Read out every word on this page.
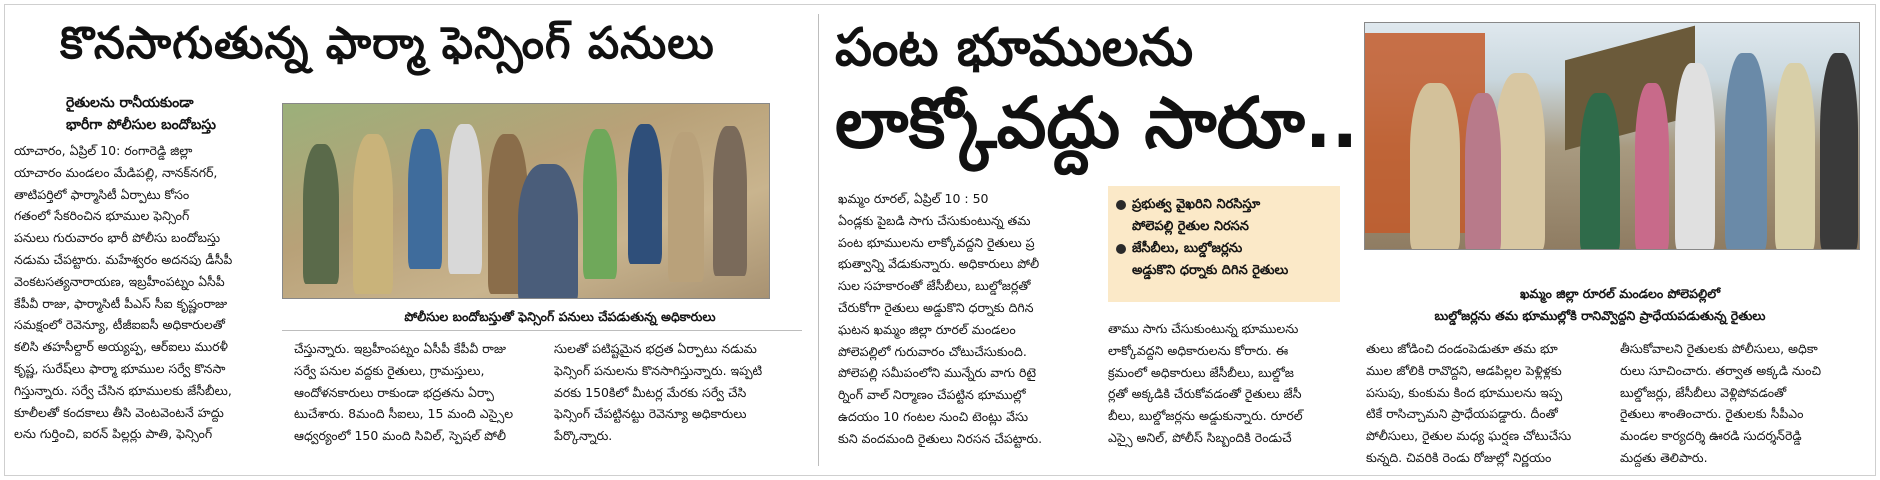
కొనసాగుతున్న ఫార్మా ఫెన్సింగ్ పనులు
రైతులను రానీయకుండా
భారీగా పోలీసుల బందోబస్తు

యాచారం, ఏప్రిల్ 10: రంగారెడ్డి జిల్లా

యాచారం మండలం మేడిపల్లి, నానక్‌నగర్,

తాటిపర్తిలో ఫార్మాసిటీ ఏర్పాటు కోసం

గతంలో సేకరించిన భూముల ఫెన్సింగ్

పనులు గురువారం భారీ పోలీసు బందోబస్తు

నడుమ చేపట్టారు. మహేశ్వరం అదనపు డీసీపీ

వెంకటసత్యనారాయణ, ఇబ్రహీంపట్నం ఏసీపీ

కేపీవీ రాజు, ఫార్మాసిటీ పీఎస్ సీఐ కృష్ణంరాజు

సమక్షంలో రెవెన్యూ, టీజీఐఐసీ అధికారులతో

కలిసి తహసీల్దార్ అయ్యప్ప, ఆర్‌ఐలు మురళీ

కృష్ణ, సురేష్‌లు ఫార్మా భూముల సర్వే కొనసా

గిస్తున్నారు. సర్వే చేసిన భూములకు జేసీబీలు,

కూలీలతో కందకాలు తీసి వెంటవెంటనే హద్దు

లను గుర్తించి, ఐరన్ పిల్లర్లు పాతి, ఫెన్సింగ్

పోలీసుల బందోబస్తుతో ఫెన్సింగ్ పనులు చేపడుతున్న అధికారులు

చేస్తున్నారు. ఇబ్రహీంపట్నం ఏసీపీ కేపీవీ రాజు

సర్వే పనుల వద్దకు రైతులు, గ్రామస్తులు,

ఆందోళనకారులు రాకుండా భద్రతను ఏర్పా

టుచేశారు. 8మంది సీఐలు, 15 మంది ఎస్సైల

ఆధ్వర్యంలో 150 మంది సివిల్, స్పెషల్ పోలీ

సులతో పటిష్టమైన భద్రత ఏర్పాటు నడుమ

ఫెన్సింగ్ పనులను కొనసాగిస్తున్నారు. ఇప్పటి

వరకు 150కిలో మీటర్ల మేరకు సర్వే చేసి

ఫెన్సింగ్ చేపట్టినట్టు రెవెన్యూ అధికారులు

పేర్కొన్నారు.

పంట భూములను
లాక్కోవద్దు సారూ..

ఖమ్మం రూరల్, ఏప్రిల్ 10 : 50

ఏండ్లకు పైబడి సాగు చేసుకుంటున్న తమ

పంట భూములను లాక్కోవద్దని రైతులు ప్ర

భుత్వాన్ని వేడుకున్నారు. అధికారులు పోలీ

సుల సహకారంతో జేసీబీలు, బుల్డోజర్లతో

చేరుకోగా రైతులు అడ్డుకొని ధర్నాకు దిగిన

ఘటన ఖమ్మం జిల్లా రూరల్ మండలం

పోలెపల్లిలో గురువారం చోటుచేసుకుంది.

పోలెపల్లి సమీపంలోని మున్నేరు వాగు రిటై

ర్నింగ్ వాల్ నిర్మాణం చేపట్టిన భూముల్లో

ఉదయం 10 గంటల నుంచి టెంట్లు వేసు

కుని వందమంది రైతులు నిరసన చేపట్టారు.

ప్రభుత్వ వైఖరిని నిరసిస్తూ
పోలెపల్లి రైతుల నిరసన
జేసీబీలు, బుల్డోజర్లను
అడ్డుకొని ధర్నాకు దిగిన రైతులు
ఖమ్మం జిల్లా రూరల్ మండలం పోలెపల్లిలో
బుల్డోజర్లను తమ భూముల్లోకి రానివ్వొద్దని ప్రాధేయపడుతున్న రైతులు

తాము సాగు చేసుకుంటున్న భూములను

లాక్కోవద్దని అధికారులను కోరారు. ఈ

క్రమంలో అధికారులు జేసీబీలు, బుల్డోజ

ర్లతో అక్కడికి చేరుకోవడంతో రైతులు జేసీ

బీలు, బుల్డోజర్లను అడ్డుకున్నారు. రూరల్

ఎస్సై అనిల్, పోలీస్ సిబ్బందికి రెండుచే

తులు జోడించి దండంపెడుతూ తమ భూ

ముల జోలికి రావొద్దని, ఆడపిల్లల పెళ్లిళ్లకు

పసుపు, కుంకుమ కింద భూములను ఇప్ప

టికే రాసిచ్చామని ప్రాధేయపడ్డారు. దీంతో

పోలీసులు, రైతుల మధ్య ఘర్షణ చోటుచేసు

కున్నది. చివరికి రెండు రోజుల్లో నిర్ణయం

తీసుకోవాలని రైతులకు పోలీసులు, అధికా

రులు సూచించారు. తర్వాత అక్కడి నుంచి

బుల్డోజర్లు, జేసీబీలు వెళ్లిపోవడంతో

రైతులు శాంతించారు. రైతులకు సీపీఎం

మండల కార్యదర్శి ఊరడి సుదర్శన్‌రెడ్డి

మద్దతు తెలిపారు.
